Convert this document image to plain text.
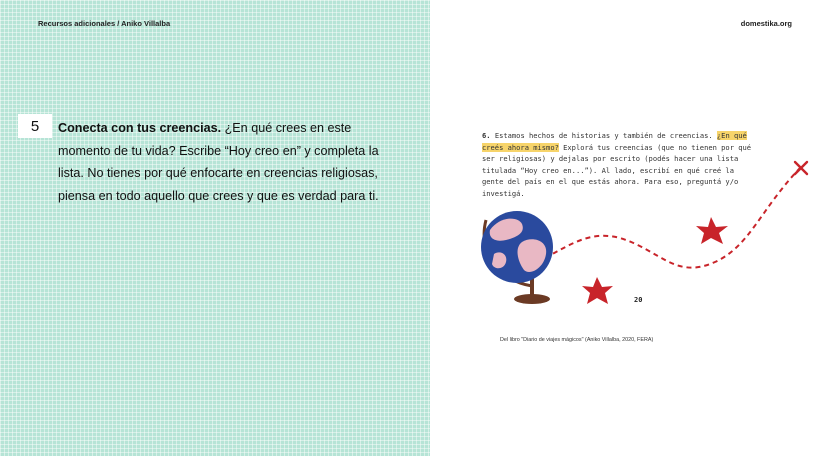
Recursos adicionales / Aniko Villalba
5	Conecta con tus creencias. ¿En qué crees en este momento de tu vida? Escribe “Hoy creo en” y completa la lista. No tienes por qué enfocarte en creencias religiosas, piensa en todo aquello que crees y que es verdad para ti.
domestika.org
6. Estamos hechos de historias y también de creencias. ¿En qué creés ahora mismo? Explorá tus creencias (que no tienen por qué ser religiosas) y dejalas por escrito (podés hacer una lista titulada “Hoy creo en...”). Al lado, escribí en qué creé la gente del país en el que estás ahora. Para eso, preguntá y/o investigá.
20
Del libro "Diario de viajes mágicos" (Aniko Villalba, 2020, FERA)
